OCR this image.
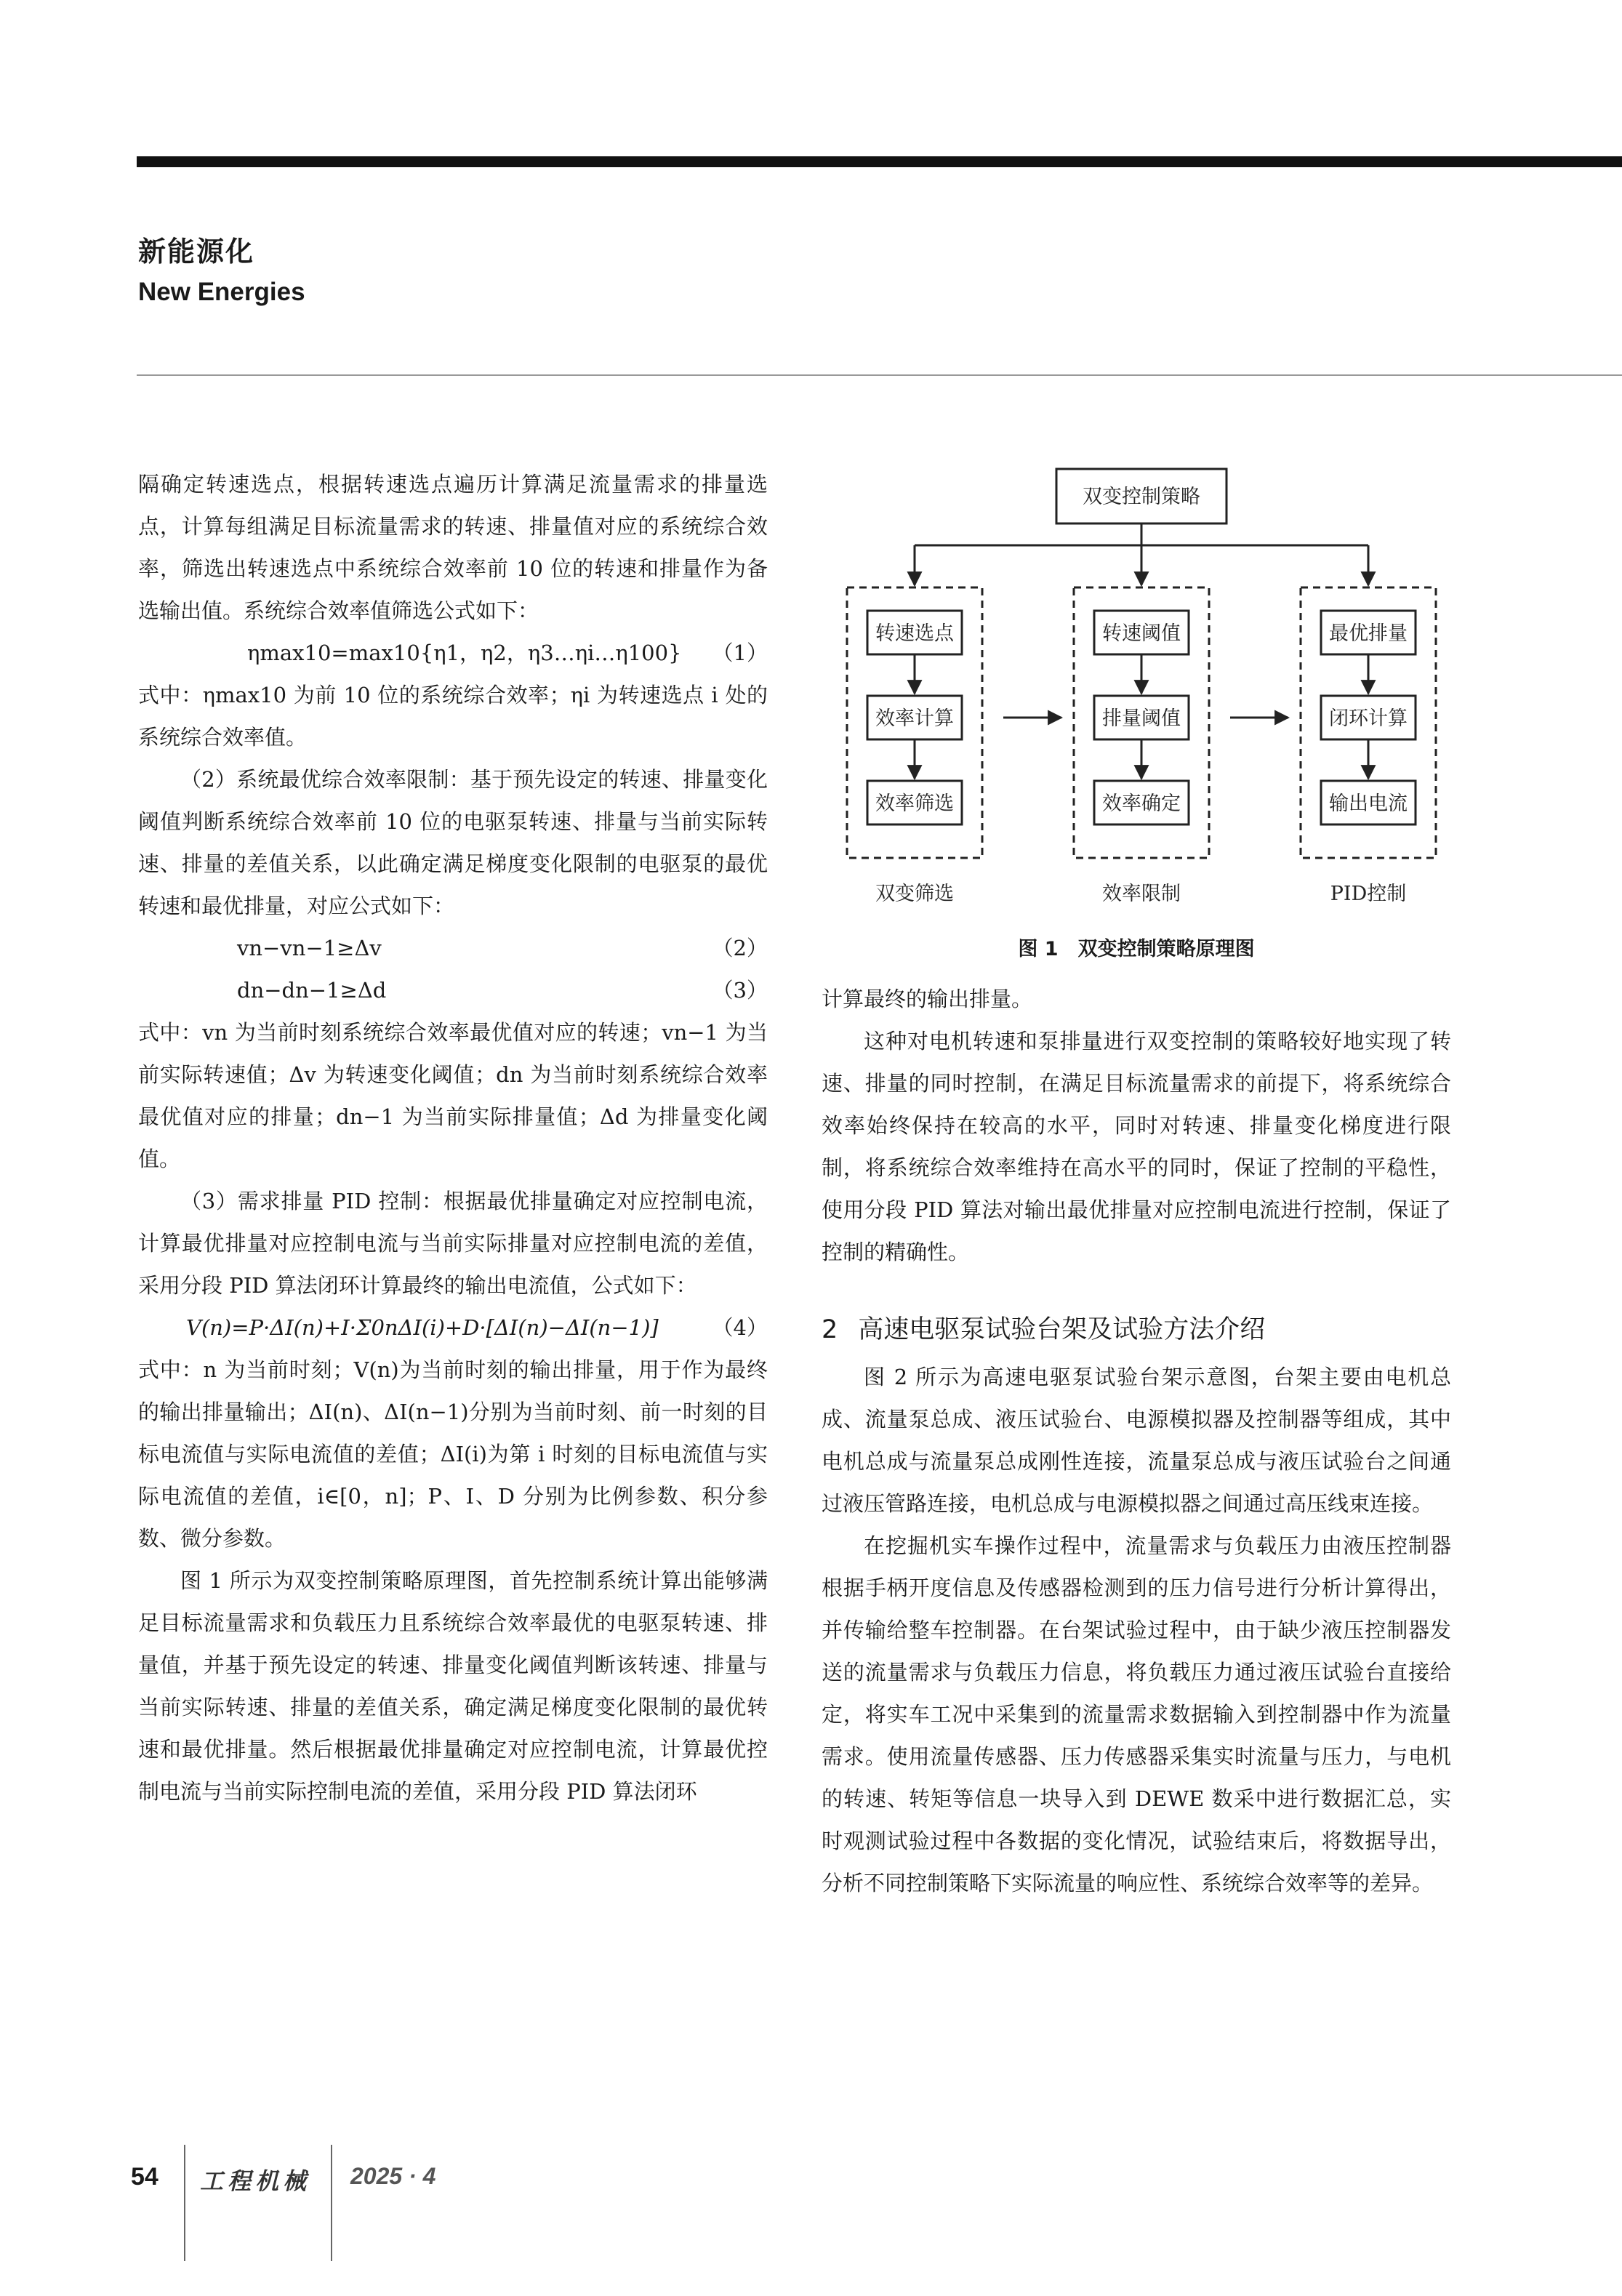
新能源化
New Energies

隔确定转速选点，根据转速选点遍历计算满足流量需求的排量选点，计算每组满足目标流量需求的转速、排量值对应的系统综合效率，筛选出转速选点中系统综合效率前 10 位的转速和排量作为备选输出值。系统综合效率值筛选公式如下：

ηmax10=max10{η1，η2，η3…ηi…η100} （1）

式中：ηmax10 为前 10 位的系统综合效率；ηi 为转速选点 i 处的系统综合效率值。

（2）系统最优综合效率限制：基于预先设定的转速、排量变化阈值判断系统综合效率前 10 位的电驱泵转速、排量与当前实际转速、排量的差值关系，以此确定满足梯度变化限制的电驱泵的最优转速和最优排量，对应公式如下：

vn−vn−1≥Δv	（2）
dn−dn−1≥Δd	（3）

式中：vn 为当前时刻系统综合效率最优值对应的转速；vn−1 为当前实际转速值；Δv 为转速变化阈值；dn 为当前时刻系统综合效率最优值对应的排量；dn−1 为当前实际排量值；Δd 为排量变化阈值。

（3）需求排量 PID 控制：根据最优排量确定对应控制电流，计算最优排量对应控制电流与当前实际排量对应控制电流的差值，采用分段 PID 算法闭环计算最终的输出电流值，公式如下：

V(n)=P·ΔI(n)+I·Σ0nΔI(i)+D·[ΔI(n)−ΔI(n−1)]	（4）

式中：n 为当前时刻；V(n)为当前时刻的输出排量，用于作为最终的输出排量输出；ΔI(n)、ΔI(n−1)分别为当前时刻、前一时刻的目标电流值与实际电流值的差值；ΔI(i)为第 i 时刻的目标电流值与实际电流值的差值，i∈[0，n]；P、I、D 分别为比例参数、积分参数、微分参数。

图 1 所示为双变控制策略原理图，首先控制系统计算出能够满足目标流量需求和负载压力且系统综合效率最优的电驱泵转速、排量值，并基于预先设定的转速、排量变化阈值判断该转速、排量与当前实际转速、排量的差值关系，确定满足梯度变化限制的最优转速和最优排量。然后根据最优排量确定对应控制电流，计算最优控制电流与当前实际控制电流的差值，采用分段 PID 算法闭环

双变控制策略
转速选点
效率计算
效率筛选
双变筛选
转速阈值
排量阈值
效率确定
效率限制
最优排量
闭环计算
输出电流
PID控制
图 1　双变控制策略原理图

计算最终的输出排量。

这种对电机转速和泵排量进行双变控制的策略较好地实现了转速、排量的同时控制，在满足目标流量需求的前提下，将系统综合效率始终保持在较高的水平，同时对转速、排量变化梯度进行限制，将系统综合效率维持在高水平的同时，保证了控制的平稳性，使用分段 PID 算法对输出最优排量对应控制电流进行控制，保证了控制的精确性。

2 高速电驱泵试验台架及试验方法介绍

图 2 所示为高速电驱泵试验台架示意图，台架主要由电机总成、流量泵总成、液压试验台、电源模拟器及控制器等组成，其中电机总成与流量泵总成刚性连接，流量泵总成与液压试验台之间通过液压管路连接，电机总成与电源模拟器之间通过高压线束连接。

在挖掘机实车操作过程中，流量需求与负载压力由液压控制器根据手柄开度信息及传感器检测到的压力信号进行分析计算得出，并传输给整车控制器。在台架试验过程中，由于缺少液压控制器发送的流量需求与负载压力信息，将负载压力通过液压试验台直接给定，将实车工况中采集到的流量需求数据输入到控制器中作为流量需求。使用流量传感器、压力传感器采集实时流量与压力，与电机的转速、转矩等信息一块导入到 DEWE 数采中进行数据汇总，实时观测试验过程中各数据的变化情况，试验结束后，将数据导出，分析不同控制策略下实际流量的响应性、系统综合效率等的差异。

54 工程机械 2025 · 4
